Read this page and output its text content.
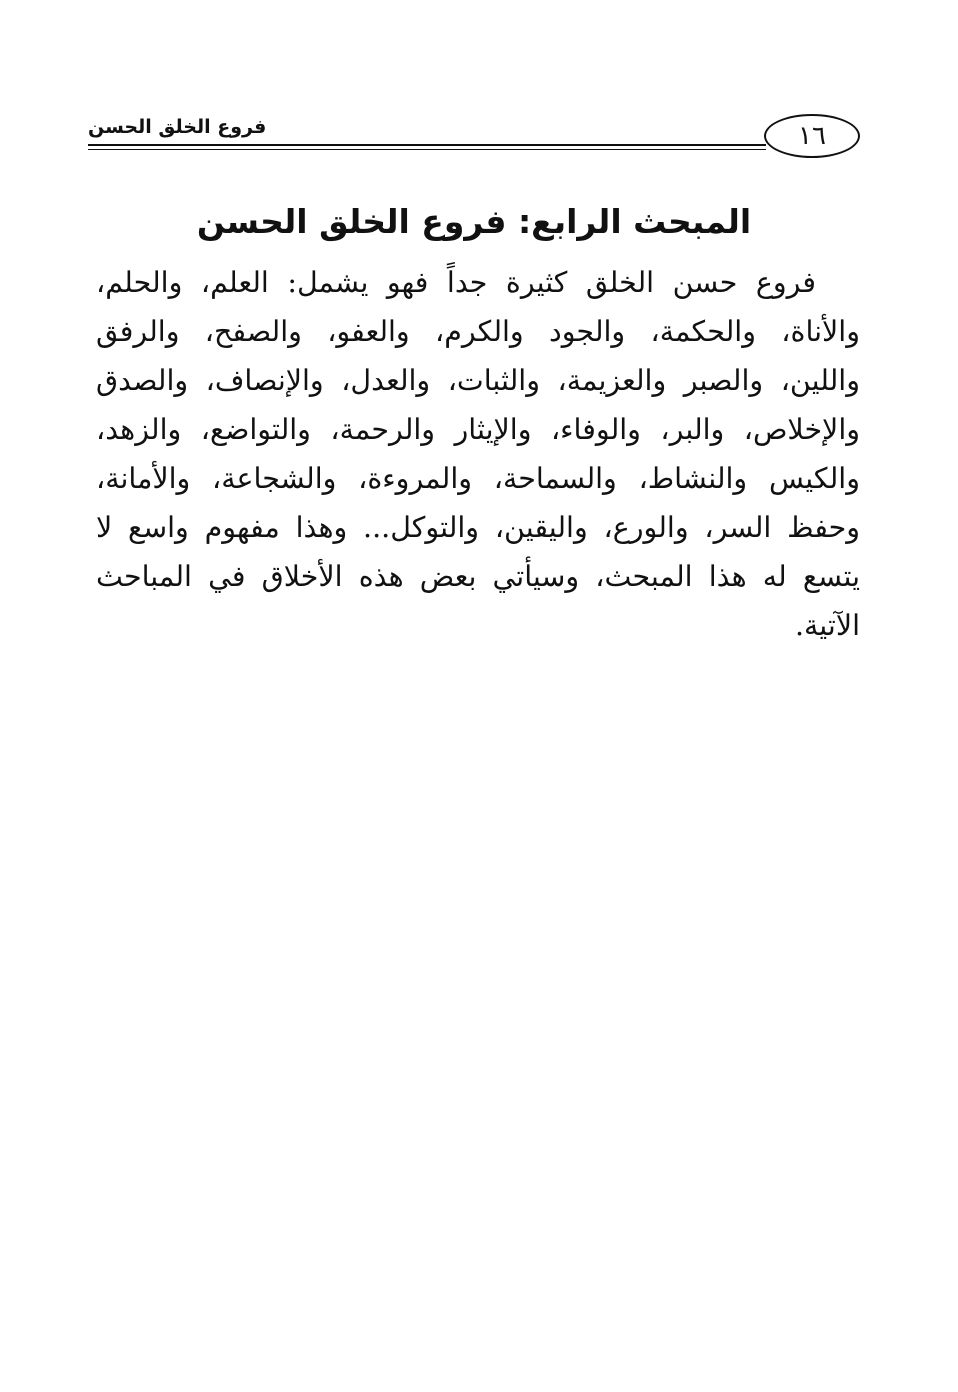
فروع الخلق الحسن	١٦
المبحث الرابع: فروع الخلق الحسن
فروع حسن الخلق كثيرة جداً فهو يشمل: العلم، والحلم،
والأناة، والحكمة، والجود والكرم، والعفو، والصفح، والرفق
واللين، والصبر والعزيمة، والثبات، والعدل، والإنصاف، والصدق
والإخلاص، والبر، والوفاء، والإيثار والرحمة، والتواضع، والزهد،
والكيس والنشاط، والسماحة، والمروءة، والشجاعة، والأمانة،
وحفظ السر، والورع، واليقين، والتوكل... وهذا مفهوم واسع لا
يتسع له هذا المبحث، وسيأتي بعض هذه الأخلاق في المباحث
الآتية.
